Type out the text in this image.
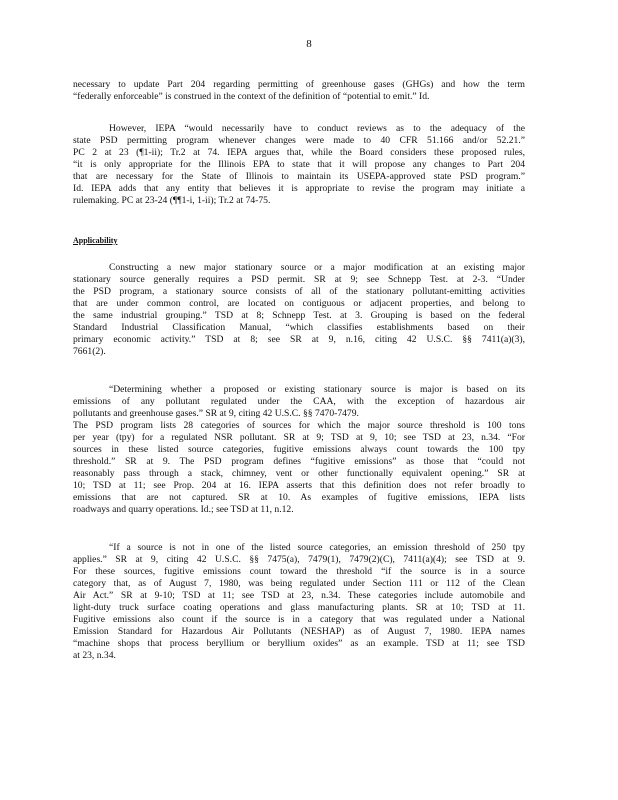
8
Applicability
necessary to update Part 204 regarding permitting of greenhouse gases (GHGs) and how the term
“federally enforceable” is construed in the context of the definition of “potential to emit.” Id.
However, IEPA “would necessarily have to conduct reviews as to the adequacy of the
state PSD permitting program whenever changes were made to 40 CFR 51.166 and/or 52.21.”
PC 2 at 23 (¶1-ii); Tr.2 at 74. IEPA argues that, while the Board considers these proposed rules,
“it is only appropriate for the Illinois EPA to state that it will propose any changes to Part 204
that are necessary for the State of Illinois to maintain its USEPA-approved state PSD program.”
Id. IEPA adds that any entity that believes it is appropriate to revise the program may initiate a
rulemaking. PC at 23-24 (¶¶1-i, 1-ii); Tr.2 at 74-75.
Constructing a new major stationary source or a major modification at an existing major
stationary source generally requires a PSD permit. SR at 9; see Schnepp Test. at 2-3. “Under
the PSD program, a stationary source consists of all of the stationary pollutant-emitting activities
that are under common control, are located on contiguous or adjacent properties, and belong to
the same industrial grouping.” TSD at 8; Schnepp Test. at 3. Grouping is based on the federal
Standard Industrial Classification Manual, “which classifies establishments based on their
primary economic activity.” TSD at 8; see SR at 9, n.16, citing 42 U.S.C. §§ 7411(a)(3),
7661(2).
“Determining whether a proposed or existing stationary source is major is based on its
emissions of any pollutant regulated under the CAA, with the exception of hazardous air
pollutants and greenhouse gases.” SR at 9, citing 42 U.S.C. §§ 7470-7479.
The PSD program lists 28 categories of sources for which the major source threshold is 100 tons
per year (tpy) for a regulated NSR pollutant. SR at 9; TSD at 9, 10; see TSD at 23, n.34. “For
sources in these listed source categories, fugitive emissions always count towards the 100 tpy
threshold.” SR at 9. The PSD program defines “fugitive emissions” as those that “could not
reasonably pass through a stack, chimney, vent or other functionally equivalent opening.” SR at
10; TSD at 11; see Prop. 204 at 16. IEPA asserts that this definition does not refer broadly to
emissions that are not captured. SR at 10. As examples of fugitive emissions, IEPA lists
roadways and quarry operations. Id.; see TSD at 11, n.12.
“If a source is not in one of the listed source categories, an emission threshold of 250 tpy
applies.” SR at 9, citing 42 U.S.C. §§ 7475(a), 7479(1), 7479(2)(C), 7411(a)(4); see TSD at 9.
For these sources, fugitive emissions count toward the threshold “if the source is in a source
category that, as of August 7, 1980, was being regulated under Section 111 or 112 of the Clean
Air Act.” SR at 9-10; TSD at 11; see TSD at 23, n.34. These categories include automobile and
light-duty truck surface coating operations and glass manufacturing plants. SR at 10; TSD at 11.
Fugitive emissions also count if the source is in a category that was regulated under a National
Emission Standard for Hazardous Air Pollutants (NESHAP) as of August 7, 1980. IEPA names
“machine shops that process beryllium or beryllium oxides” as an example. TSD at 11; see TSD
at 23, n.34.
